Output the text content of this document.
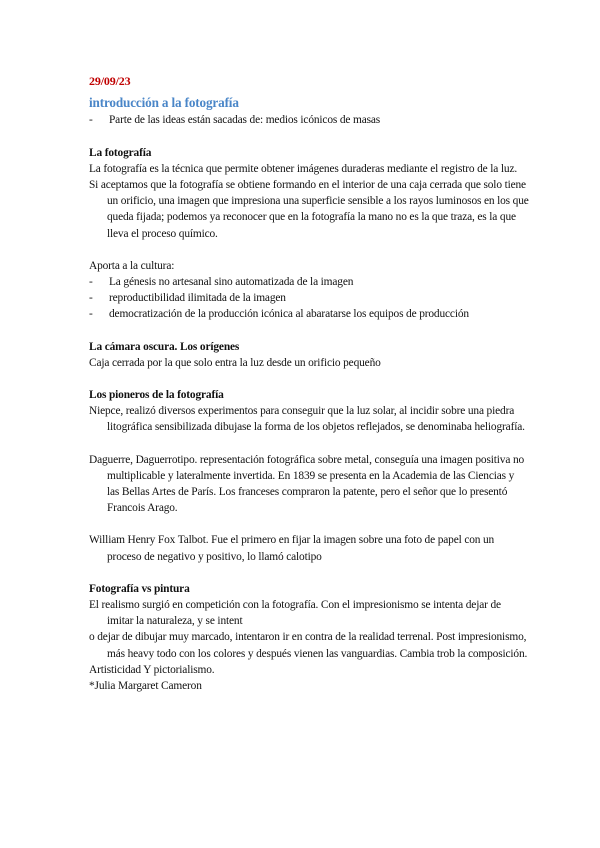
29/09/23

introducción a la fotografía

- Parte de las ideas están sacadas de: medios icónicos de masas

La fotografía

La fotografía es la técnica que permite obtener imágenes duraderas mediante el registro de la luz.

Si aceptamos que la fotografía se obtiene formando en el interior de una caja cerrada que solo tiene un orificio, una imagen que impresiona una superficie sensible a los rayos luminosos en los que queda fijada; podemos ya reconocer que en la fotografía la mano no es la que traza, es la que lleva el proceso químico.

Aporta a la cultura:

- La génesis no artesanal sino automatizada de la imagen
- reproductibilidad ilimitada de la imagen
- democratización de la producción icónica al abaratarse los equipos de producción

La cámara oscura. Los orígenes

Caja cerrada por la que solo entra la luz desde un orificio pequeño

Los pioneros de la fotografía

Niepce, realizó diversos experimentos para conseguir que la luz solar, al incidir sobre una piedra litográfica sensibilizada dibujase la forma de los objetos reflejados, se denominaba heliografía.

Daguerre, Daguerrotipo. representación fotográfica sobre metal, conseguía una imagen positiva no multiplicable y lateralmente invertida. En 1839 se presenta en la Academia de las Ciencias y las Bellas Artes de París. Los franceses compraron la patente, pero el señor que lo presentó Francois Arago.

William Henry Fox Talbot. Fue el primero en fijar la imagen sobre una foto de papel con un proceso de negativo y positivo, lo llamó calotipo

Fotografía vs pintura

El realismo surgió en competición con la fotografía. Con el impresionismo se intenta dejar de imitar la naturaleza, y se intent

o dejar de dibujar muy marcado, intentaron ir en contra de la realidad terrenal. Post impresionismo, más heavy todo con los colores y después vienen las vanguardias. Cambia trob la composición.

Artisticidad Y pictorialismo.

*Julia Margaret Cameron
